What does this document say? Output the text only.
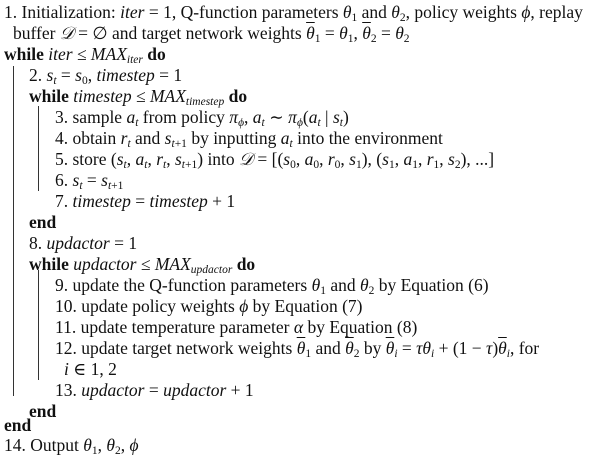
1. Initialization: iter = 1, Q-function parameters $\theta_1$ and $\theta_2$, policy weights ϕ, replay
buffer 𝒟 = ∅ and target network weights $\overline{\theta}_1 = \theta_1$, $\overline{\theta}_2 = \theta_2$
while iter ≤ $MAX_{iter}$ do
2. $s_t = s_0$, timestep = 1
while timestep ≤ $MAX_{timestep}$ do
3. sample $a_t$ from policy $\pi_\phi$, $a_t$ ∼ $\pi_\phi(a_t$ | $s_t$)
4. obtain $r_t$ and $s_{t+1}$ by inputting $a_t$ into the environment
5. store ($s_t$, $a_t$, $r_t$, $s_{t+1}$) into 𝒟 = [($s_0$, $a_0$, $r_0$, $s_1$), ($s_1$, $a_1$, $r_1$, $s_2$), ...]
6. $s_t = s_{t+1}$
7. timestep = timestep + 1
end
8. updactor = 1
while updactor ≤ $MAX_{updactor}$ do
9. update the Q-function parameters $\theta_1$ and $\theta_2$ by Equation (6)
10. update policy weights ϕ by Equation (7)
11. update temperature parameter α by Equation (8)
12. update target network weights $\overline{\theta}_1$ and $\overline{\theta}_2$ by $\overline{\theta}_i = \tau\theta_i + (1 - \tau)\overline{\theta}_i$, for
i ∈ 1, 2
13. updactor = updactor + 1
end
end
14. Output $\theta_1$, $\theta_2$, ϕ
